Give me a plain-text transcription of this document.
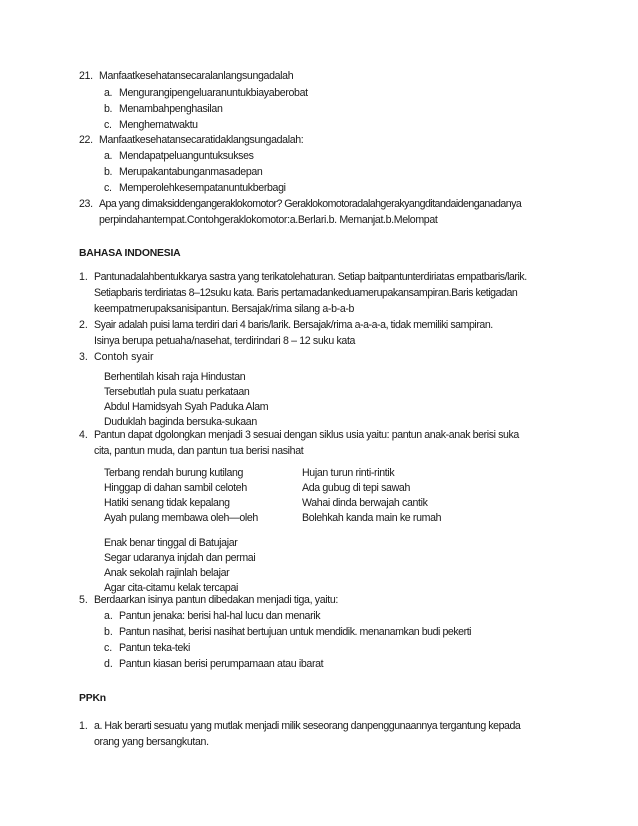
21. Manfaatkesehatansecaralanlangsungadalah
a. Mengurangipengeluaranuntukbiayaberobat
b. Menambahpenghasilan
c. Menghematwaktu
22. Manfaatkesehatansecaratidaklangsungadalah:
a. Mendapatpeluanguntuksukses
b. Merupakantabunganmasadepan
c. Memperolehkesempatanuntukberbagi
23. Apa yang dimaksiddengangeraklokomotor? Geraklokomotoradalahgerakyangditandaidenganadanya
perpindahantempat.Contohgeraklokomotor:a.Berlari.b. Memanjat.b.Melompat
BAHASA INDONESIA
1. Pantunadalahbentukkarya sastra yang terikatolehaturan. Setiap baitpantunterdiriatas empatbaris/larik.
Setiapbaris terdiriatas 8–12suku kata. Baris pertamadankeduamerupakansampiran.Baris ketigadan
keempatmerupaksanisipantun. Bersajak/rima silang a-b-a-b
2. Syair adalah puisi lama terdiri dari 4 baris/larik. Bersajak/rima a-a-a-a, tidak memiliki sampiran.
Isinya berupa petuaha/nasehat, terdirindari 8 – 12 suku kata
3. Contoh syair
Berhentilah kisah raja Hindustan
Tersebutlah pula suatu perkataan
Abdul Hamidsyah Syah Paduka Alam
Duduklah baginda bersuka-sukaan
4. Pantun dapat dgolongkan menjadi 3 sesuai dengan siklus usia yaitu: pantun anak-anak berisi suka
cita, pantun muda, dan pantun tua berisi nasihat
Terbang rendah burung kutilang
Hinggap di dahan sambil celoteh
Hatiki senang tidak kepalang
Ayah pulang membawa oleh—oleh
Hujan turun rinti-rintik
Ada gubug di tepi sawah
Wahai dinda berwajah cantik
Bolehkah kanda main ke rumah
Enak benar tinggal di Batujajar
Segar udaranya injdah dan permai
Anak sekolah rajinlah belajar
Agar cita-citamu kelak tercapai
5. Berdaarkan isinya pantun dibedakan menjadi tiga, yaitu:
a. Pantun jenaka: berisi hal-hal lucu dan menarik
b. Pantun nasihat, berisi nasihat bertujuan untuk mendidik. menanamkan budi pekerti
c. Pantun teka-teki
d. Pantun kiasan berisi perumpamaan atau ibarat
PPKn
1. a. Hak berarti sesuatu yang mutlak menjadi milik seseorang danpenggunaannya tergantung kepada
orang yang bersangkutan.
